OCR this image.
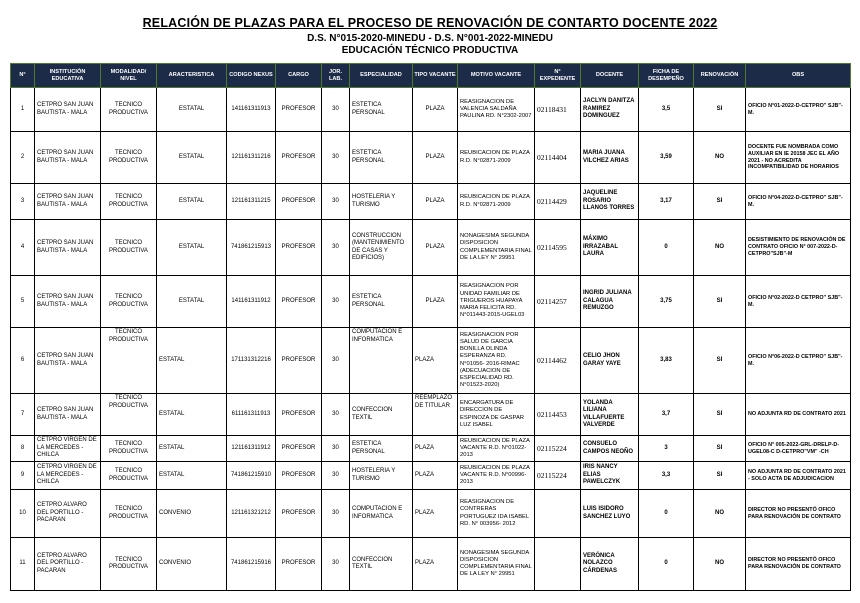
RELACIÓN DE PLAZAS PARA EL PROCESO DE RENOVACIÓN DE CONTARTO DOCENTE 2022
D.S. N°015-2020-MINEDU - D.S. N°001-2022-MINEDU
EDUCACIÓN TÉCNICO PRODUCTIVA
N°	INSTITUCIÓN EDUCATIVA	MODALIDAD/ NIVEL	ARACTERISTICA	CODIGO NEXUS	CARGO	JOR. LAB.	ESPECIALIDAD	TIPO VACANTE	MOTIVO VACANTE	N° EXPEDIENTE	DOCENTE	FICHA DE DESEMPEÑO	RENOVACIÓN	OBS
1	CETPRO SAN JUAN BAUTISTA - MALA	TECNICO PRODUCTIVA	ESTATAL	141161311913	PROFESOR	30	ESTETICA PERSONAL	PLAZA	REASIGNACION DE VALENCIA SALDAÑA PAULINA RD. N°2302-2007	02118431	JACLYN DANITZA RAMIREZ DOMINGUEZ	3,5	SI	OFICIO N°01-2022-D-CETPRO" SJB"-M.
2	CETPRO SAN JUAN BAUTISTA - MALA	TECNICO PRODUCTIVA	ESTATAL	121161311216	PROFESOR	30	ESTETICA PERSONAL	PLAZA	REUBICACION DE PLAZA R.D. N°02871-2009	02114404	MARIA JUANA VILCHEZ ARIAS	3,59	NO	DOCENTE FUE NOMBRADA COMO AUXILIAR EN IE 20158 JEC EL AÑO 2021 - NO ACREDITA INCOMPATIBILIDAD DE HORARIOS
3	CETPRO SAN JUAN BAUTISTA - MALA	TECNICO PRODUCTIVA	ESTATAL	121161311215	PROFESOR	30	HOSTELERIA Y TURISMO	PLAZA	REUBICACION DE PLAZA R.D. N°02871-2009	02114429	JAQUELINE ROSARIO LLANOS TORRES	3,17	SI	OFICIO N°04-2022-D-CETPRO" SJB"-M.
4	CETPRO SAN JUAN BAUTISTA - MALA	TECNICO PRODUCTIVA	ESTATAL	741861215913	PROFESOR	30	CONSTRUCCION (MANTENIMIENTO DE CASAS Y EDIFICIOS)	PLAZA	NONAGESIMA SEGUNDA DISPOSICION COMPLEMENTARIA FINAL DE LA LEY N° 29951	02114595	MÁXIMO IRRAZABAL LAURA	0	NO	DESISTIMIENTO DE RENOVACIÓN DE CONTRATO OFICIO N° 007-2022-D-CETPRO"SJB"-M
5	CETPRO SAN JUAN BAUTISTA - MALA	TECNICO PRODUCTIVA	ESTATAL	141161311912	PROFESOR	30	ESTETICA PERSONAL	PLAZA	REASIGNACION POR UNIDAD FAMILIAR DE TRIGUEROS HUAPAYA MARIA FELICITA RD. N°011443-2015-UGEL03	02114257	INGRID JULIANA CALAGUA REMUZGO	3,75	SI	OFICIO N°02-2022-D CETPRO" SJB"-M.
6	CETPRO SAN JUAN BAUTISTA - MALA	TECNICO PRODUCTIVA	ESTATAL	171131312216	PROFESOR	30	COMPUTACION E INFORMATICA	PLAZA	REASIGNACION POR SALUD DE GARCIA BONILLA OLINDA ESPERANZA RD. N°01056- 2016-RIMAC (ADECUACION DE ESPECIALIDAD RD. N°01523-2020)	02114462	CELIO JHON GARAY YAYE	3,83	SI	OFICIO N°06-2022-D CETPRO" SJB"-M.
7	CETPRO SAN JUAN BAUTISTA - MALA	TECNICO PRODUCTIVA	ESTATAL	611161311913	PROFESOR	30	CONFECCION TEXTIL	REEMPLAZO DE TITULAR	ENCARGATURA DE DIRECCION DE ESPINOZA DE GASPAR LUZ ISABEL	02114453	YOLANDA LILIANA VILLAFUERTE VALVERDE	3,7	SI	NO ADJUNTA RD DE CONTRATO 2021
8	CETPRO VIRGEN DE LA MERCEDES - CHILCA	TECNICO PRODUCTIVA	ESTATAL	121161311912	PROFESOR	30	ESTETICA PERSONAL	PLAZA	REUBICACION DE PLAZA VACANTE R.D. N°01022-2013	02115224	CONSUELO CAMPOS NEOÑO	3	SI	OFICIO N° 005-2022-GRL-DRELP-D-UGEL08-C D-CETPRO"VM" -CH
9	CETPRO VIRGEN DE LA MERCEDES - CHILCA	TECNICO PRODUCTIVA	ESTATAL	741861215910	PROFESOR	30	HOSTELERIA Y TURISMO	PLAZA	REUBICACION DE PLAZA VACANTE R.D. N°00996-2013	02115224	IRIS NANCY ELIAS PAWELCZYK	3,3	SI	NO ADJUNTA RD DE CONTRATO 2021 - SOLO ACTA DE ADJUDICACION
10	CETPRO ALVARO DEL PORTILLO - PACARAN	TECNICO PRODUCTIVA	CONVENIO	121161321212	PROFESOR	30	COMPUTACION E INFORMATICA	PLAZA	REASIGNACION DE CONTRERAS PORTUGUEZ IDA ISABEL RD. N° 003956- 2012		LUIS ISIDORO SANCHEZ LUYO	0	NO	DIRECTOR NO PRESENTÓ OFICO PARA RENOVACIÓN DE CONTRATO
11	CETPRO ALVARO DEL PORTILLO - PACARAN	TECNICO PRODUCTIVA	CONVENIO	741861215916	PROFESOR	30	CONFECCION TEXTIL	PLAZA	NONAGESIMA SEGUNDA DISPOSICION COMPLEMENTARIA FINAL DE LA LEY N° 29951		VERÓNICA NOLAZCO CÁRDENAS	0	NO	DIRECTOR NO PRESENTÓ OFICO PARA RENOVACIÓN DE CONTRATO
